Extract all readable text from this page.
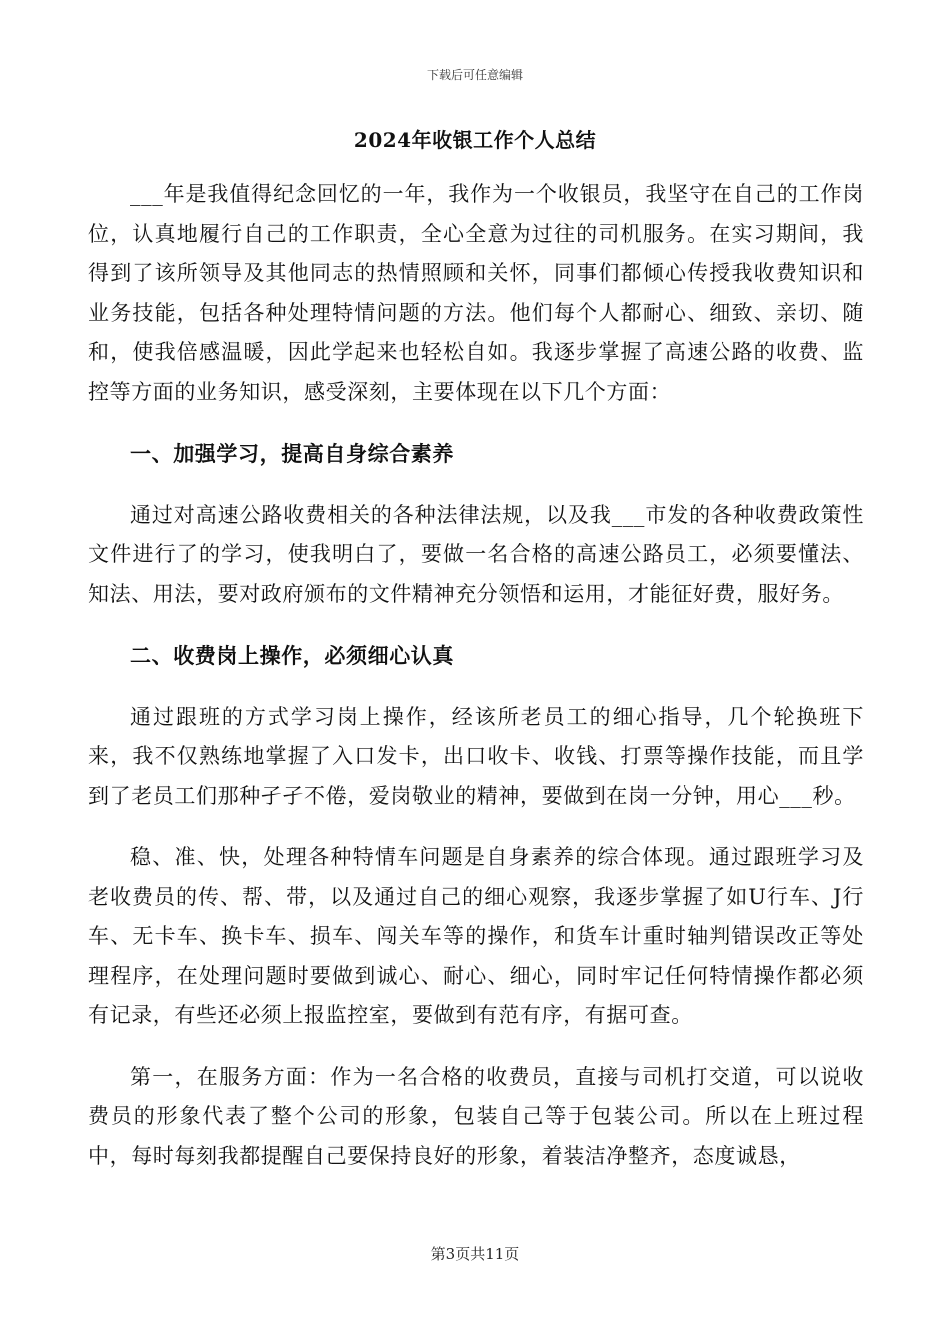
下载后可任意编辑
2024年收银工作个人总结

___年是我值得纪念回忆的一年，我作为一个收银员，我坚守在自己的工作岗位，认真地履行自己的工作职责，全心全意为过往的司机服务。在实习期间，我得到了该所领导及其他同志的热情照顾和关怀，同事们都倾心传授我收费知识和业务技能，包括各种处理特情问题的方法。他们每个人都耐心、细致、亲切、随和，使我倍感温暖，因此学起来也轻松自如。我逐步掌握了高速公路的收费、监控等方面的业务知识，感受深刻，主要体现在以下几个方面：

一、加强学习，提高自身综合素养

通过对高速公路收费相关的各种法律法规，以及我___市发的各种收费政策性文件进行了的学习，使我明白了，要做一名合格的高速公路员工，必须要懂法、知法、用法，要对政府颁布的文件精神充分领悟和运用，才能征好费，服好务。

二、收费岗上操作，必须细心认真

通过跟班的方式学习岗上操作，经该所老员工的细心指导，几个轮换班下来，我不仅熟练地掌握了入口发卡，出口收卡、收钱、打票等操作技能，而且学到了老员工们那种孑孑不倦，爱岗敬业的精神，要做到在岗一分钟，用心___秒。

稳、准、快，处理各种特情车问题是自身素养的综合体现。通过跟班学习及老收费员的传、帮、带，以及通过自己的细心观察，我逐步掌握了如U行车、J行车、无卡车、换卡车、损车、闯关车等的操作，和货车计重时轴判错误改正等处理程序，在处理问题时要做到诚心、耐心、细心，同时牢记任何特情操作都必须有记录，有些还必须上报监控室，要做到有范有序，有据可查。

第一，在服务方面：作为一名合格的收费员，直接与司机打交道，可以说收费员的形象代表了整个公司的形象，包装自己等于包装公司。所以在上班过程中，每时每刻我都提醒自己要保持良好的形象，着装洁净整齐，态度诚恳，

第3页共11页
